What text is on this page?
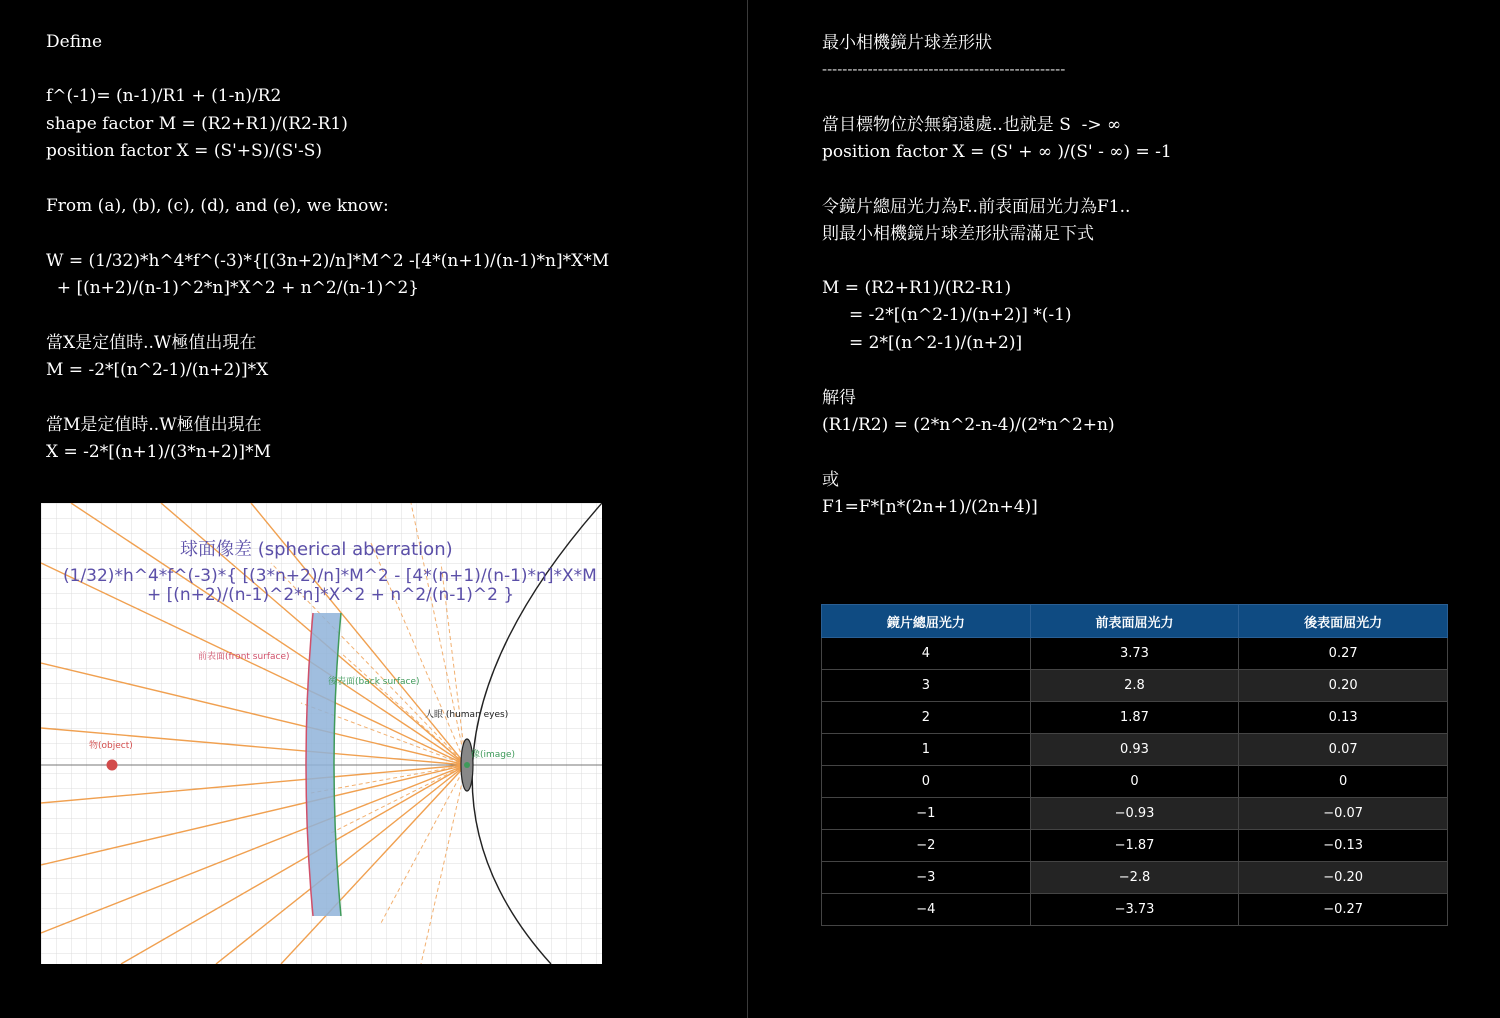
Define
f^(-1)= (n-1)/R1 + (1-n)/R2
shape factor M = (R2+R1)/(R2-R1)
position factor X = (S'+S)/(S'-S)
From (a), (b), (c), (d), and (e), we know:
W = (1/32)*h^4*f^(-3)*{[(3n+2)/n]*M^2 -[4*(n+1)/(n-1)*n]*X*M
+ [(n+2)/(n-1)^2*n]*X^2 + n^2/(n-1)^2}
當X是定值時..W極值出現在
M = -2*[(n^2-1)/(n+2)]*X
當M是定值時..W極值出現在
X = -2*[(n+1)/(3*n+2)]*M
球面像差 (spherical aberration)
(1/32)*h^4*f^(-3)*{ [(3*n+2)/n]*M^2 - [4*(n+1)/(n-1)*n]*X*M
+ [(n+2)/(n-1)^2*n]*X^2 + n^2/(n-1)^2 }
前表面(front surface)
後表面(back surface)
人眼 (human eyes)
物(object)
像(image)
最小相機鏡片球差形狀
------------------------------------------------
當目標物位於無窮遠處..也就是 S  -> ∞
position factor X = (S' + ∞ )/(S' - ∞) = -1
令鏡片總屈光力為F..前表面屈光力為F1..
則最小相機鏡片球差形狀需滿足下式
M = (R2+R1)/(R2-R1)
= -2*[(n^2-1)/(n+2)] *(-1)
= 2*[(n^2-1)/(n+2)]
解得
(R1/R2) = (2*n^2-n-4)/(2*n^2+n)
或
F1=F*[n*(2n+1)/(2n+4)]
鏡片總屈光力	前表面屈光力	後表面屈光力
4	3.73	0.27
3	2.8	0.20
2	1.87	0.13
1	0.93	0.07
0	0	0
−1	−0.93	−0.07
−2	−1.87	−0.13
−3	−2.8	−0.20
−4	−3.73	−0.27
